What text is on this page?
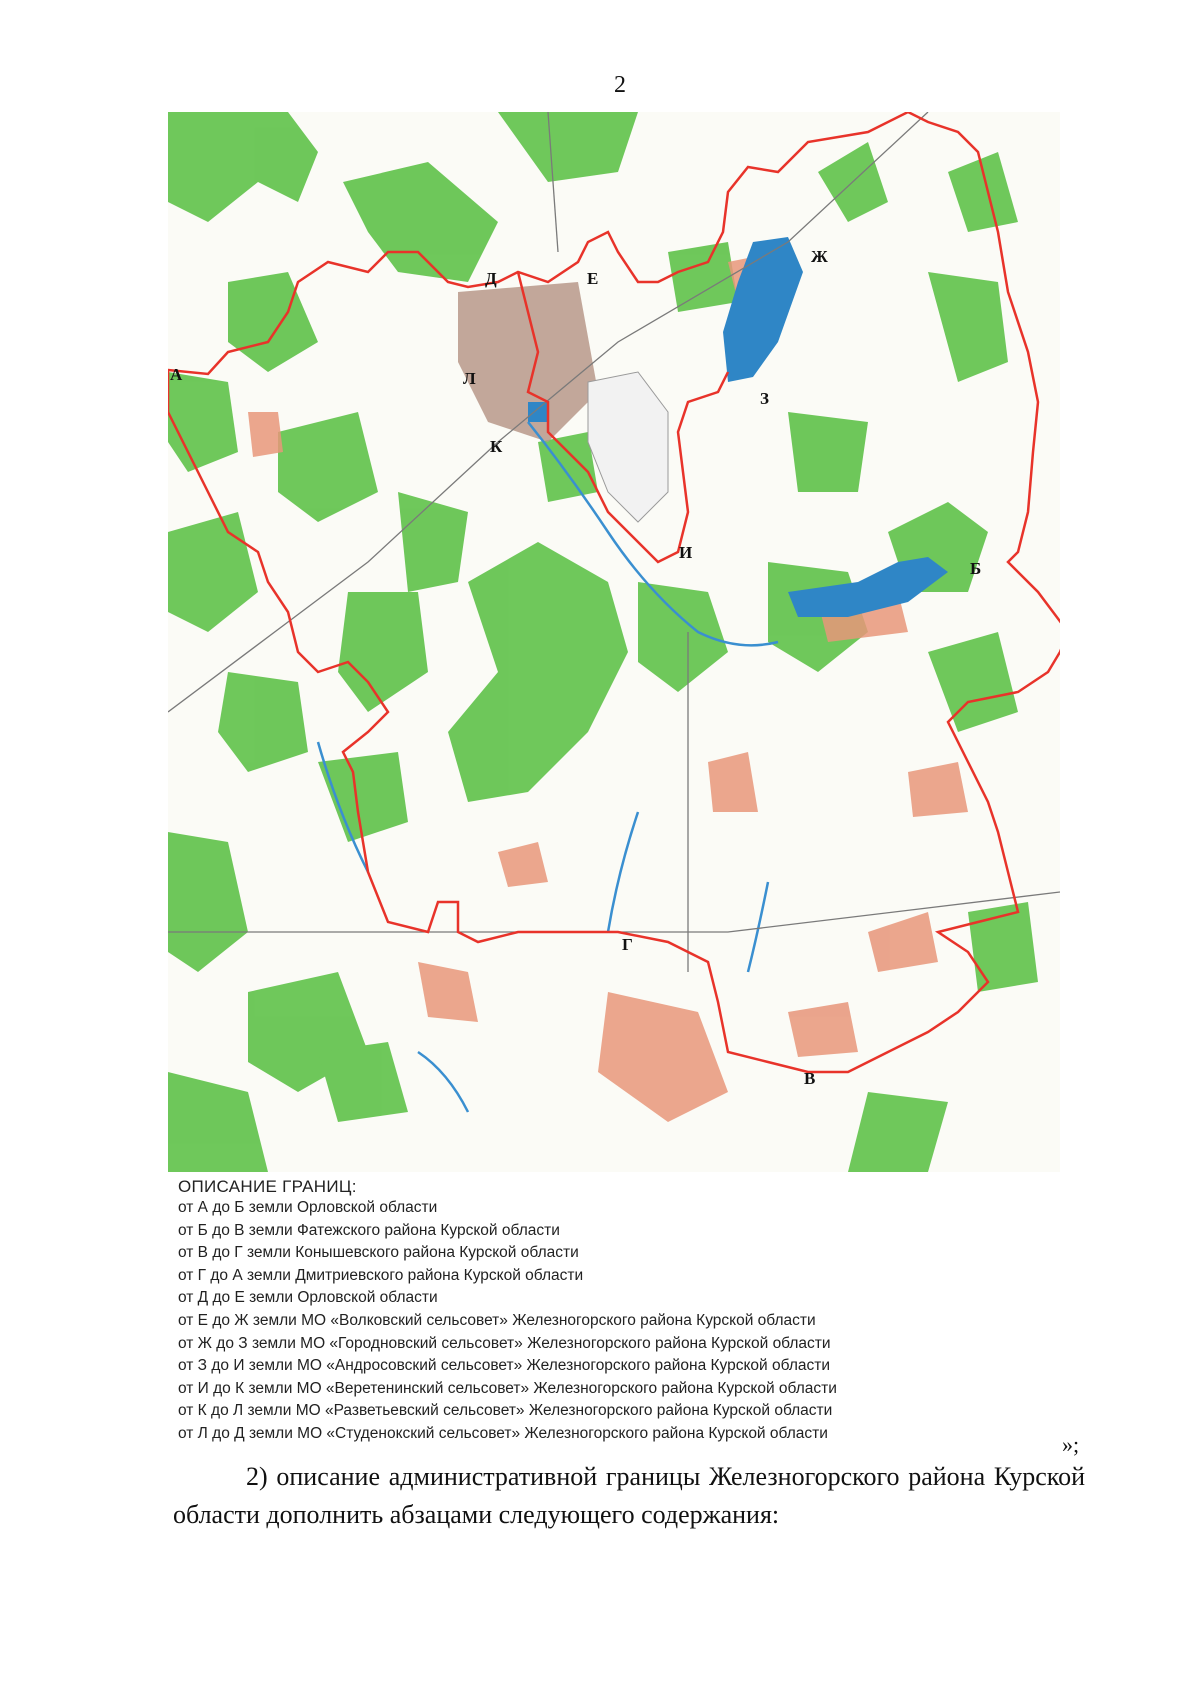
2
А
Б
В
Г
Д	Е
Ж
З
И
К
Л
ОПИСАНИЕ ГРАНИЦ:
от А до Б земли Орловской области
от Б до В земли Фатежского района Курской области
от В до Г земли Конышевского района Курской области
от Г до А земли Дмитриевского района Курской области
от Д до Е земли Орловской области
от Е до Ж земли МО «Волковский сельсовет» Железногорского района Курской области
от Ж до З земли МО «Городновский сельсовет» Железногорского района Курской области
от З до И земли МО «Андросовский сельсовет» Железногорского района Курской области
от И до К земли МО «Веретенинский сельсовет» Железногорского района Курской области
от К до Л земли МО «Разветьевский сельсовет» Железногорского района Курской области
от Л до Д земли МО «Студенокский сельсовет» Железногорского района Курской области	»;
2) описание административной границы Железногорского района Курской области дополнить абзацами следующего содержания:
